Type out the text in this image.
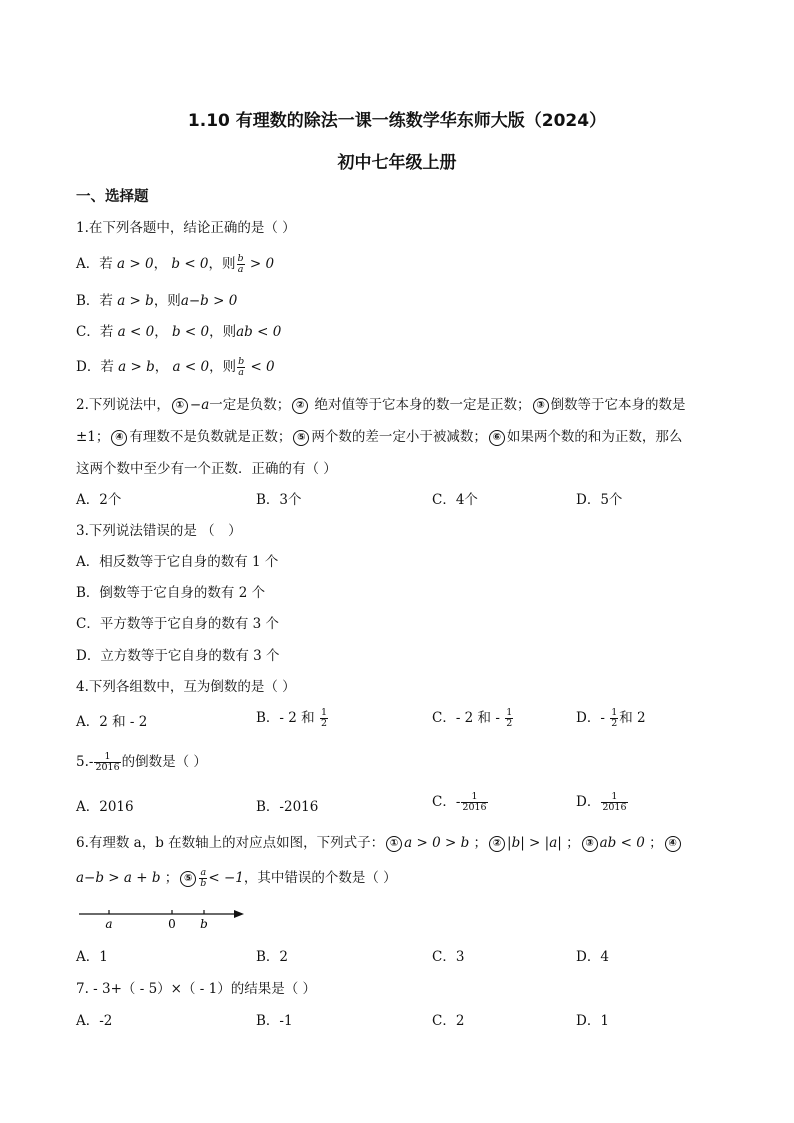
1.10 有理数的除法一课一练数学华东师大版（2024）
初中七年级上册
一、选择题
1.在下列各题中，结论正确的是（ ）
A．若 a > 0， b < 0，则 $\frac{b}{a} > 0$
B．若 a > b，则a−b > 0
C．若 a < 0， b < 0，则ab < 0
D．若 a > b， a < 0，则 $\frac{b}{a} < 0$
2.下列说法中， ① −a一定是负数； ② 绝对值等于它本身的数一定是正数； ③ 倒数等于它本身的数是
±1； ④ 有理数不是负数就是正数； ⑤ 两个数的差一定小于被减数； ⑥ 如果两个数的和为正数，那么
这两个数中至少有一个正数．正确的有（ ）
A．2个	B．3个	C．4个	D．5个
3.下列说法错误的是 （　）
A．相反数等于它自身的数有 1 个
B．倒数等于它自身的数有 2 个
C．平方数等于它自身的数有 3 个
D．立方数等于它自身的数有 3 个
4.下列各组数中，互为倒数的是（ ）
A．2 和 - 2	B．- 2 和 $\frac{1}{2}$	C．- 2 和 - $\frac{1}{2}$	D．- $\frac{1}{2}$ 和 2
$5.- \frac{1}{2016}$ 的倒数是（ ）
A．2016	B．-2016	C．- $\frac{1}{2016}$	D． $\frac{1}{2016}$
6.有理数 a，b 在数轴上的对应点如图，下列式子： ① a > 0 > b ； ② |b| > |a| ； ③ ab < 0 ； ④
a−b > a + b ； ⑤ $\frac{a}{b} < -1$，其中错误的个数是（ ）
a	0 b
A．1	B．2	C．3	D．4
7. - 3+（ - 5）×（ - 1）的结果是（ ）
A．-2	B．-1	C．2	D．1
